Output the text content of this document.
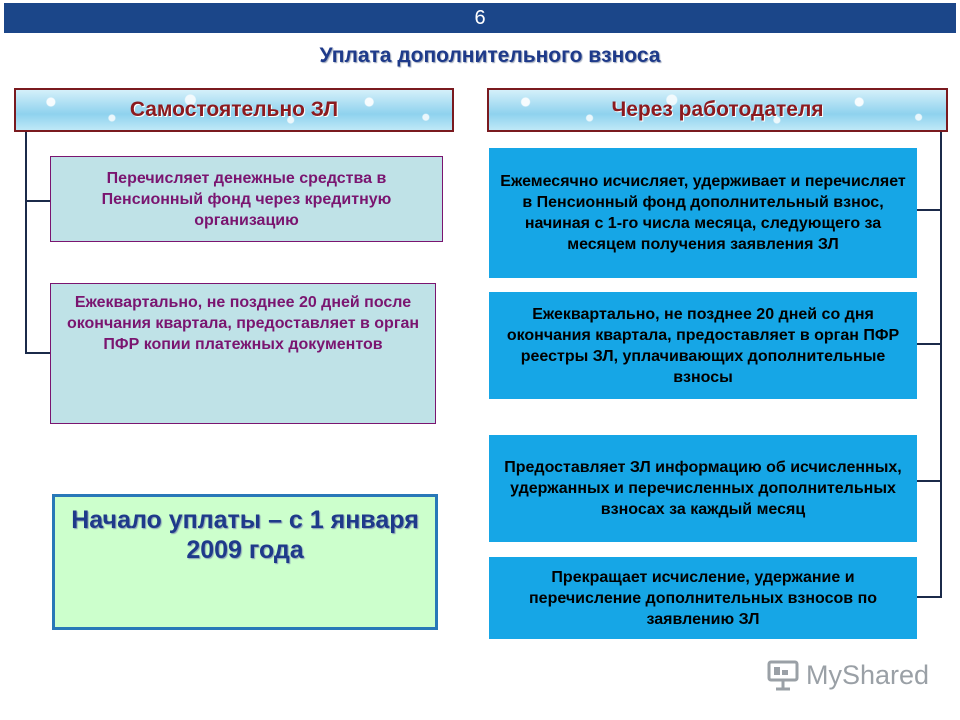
6
Уплата дополнительного взноса
Самостоятельно ЗЛ	Через работодателя
Перечисляет денежные средства в Пенсионный фонд через кредитную организацию
Ежеквартально, не позднее 20 дней после окончания квартала, предоставляет в орган ПФР копии платежных документов
Начало уплаты – с 1 января 2009 года
Ежемесячно исчисляет, удерживает и перечисляет в Пенсионный фонд дополнительный взнос, начиная с 1-го числа месяца, следующего за месяцем получения заявления ЗЛ
Ежеквартально, не позднее 20 дней со дня окончания квартала, предоставляет в орган ПФР реестры ЗЛ, уплачивающих дополнительные взносы
Предоставляет ЗЛ информацию об исчисленных, удержанных и перечисленных дополнительных взносах за каждый месяц
Прекращает исчисление, удержание и перечисление дополнительных взносов по заявлению ЗЛ
MyShared
